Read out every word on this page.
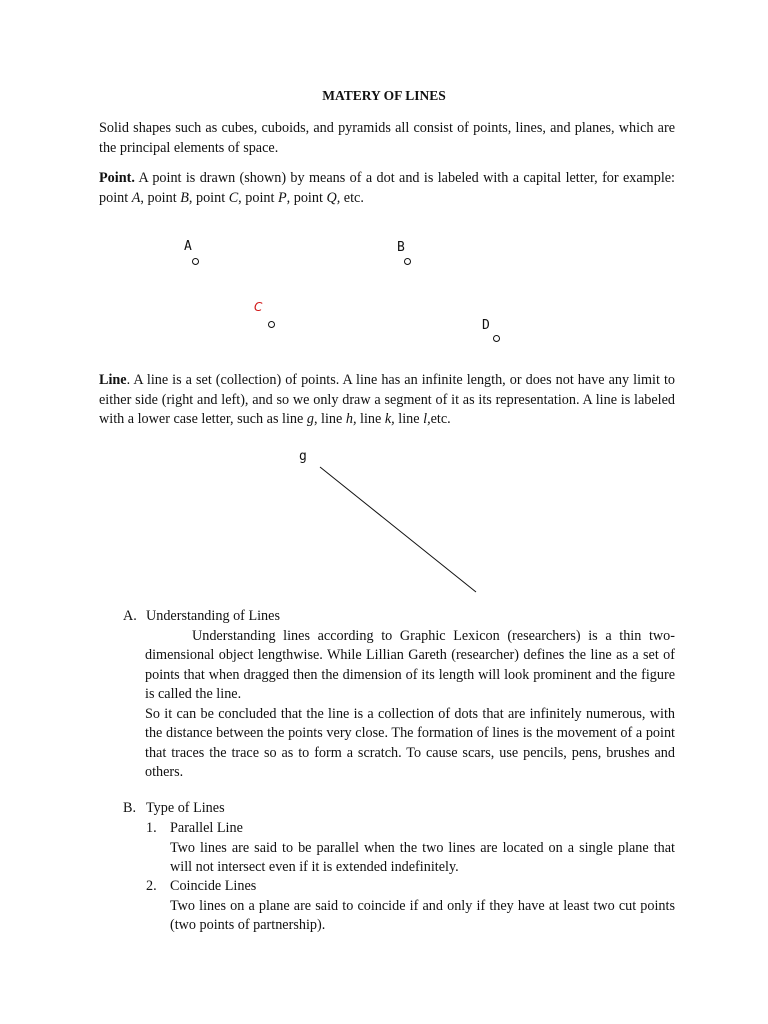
MATERY OF LINES
Solid shapes such as cubes, cuboids, and pyramids all consist of points, lines, and planes, which are the principal elements of space.
Point. A point is drawn (shown) by means of a dot and is labeled with a capital letter, for example: point A, point B, point C, point P, point Q, etc.
A	B
C
D
Line. A line is a set (collection) of points. A line has an infinite length, or does not have any limit to either side (right and left), and so we only draw a segment of it as its representation. A line is labeled with a lower case letter, such as line g, line h, line k, line l,etc.
g
A. Understanding of Lines
Understanding lines according to Graphic Lexicon (researchers) is a thin two-dimensional object lengthwise. While Lillian Gareth (researcher) defines the line as a set of points that when dragged then the dimension of its length will look prominent and the figure is called the line.
So it can be concluded that the line is a collection of dots that are infinitely numerous, with the distance between the points very close. The formation of lines is the movement of a point that traces the trace so as to form a scratch. To cause scars, use pencils, pens, brushes and others.
B. Type of Lines
1. Parallel Line
Two lines are said to be parallel when the two lines are located on a single plane that will not intersect even if it is extended indefinitely.
2. Coincide Lines
Two lines on a plane are said to coincide if and only if they have at least two cut points (two points of partnership).
